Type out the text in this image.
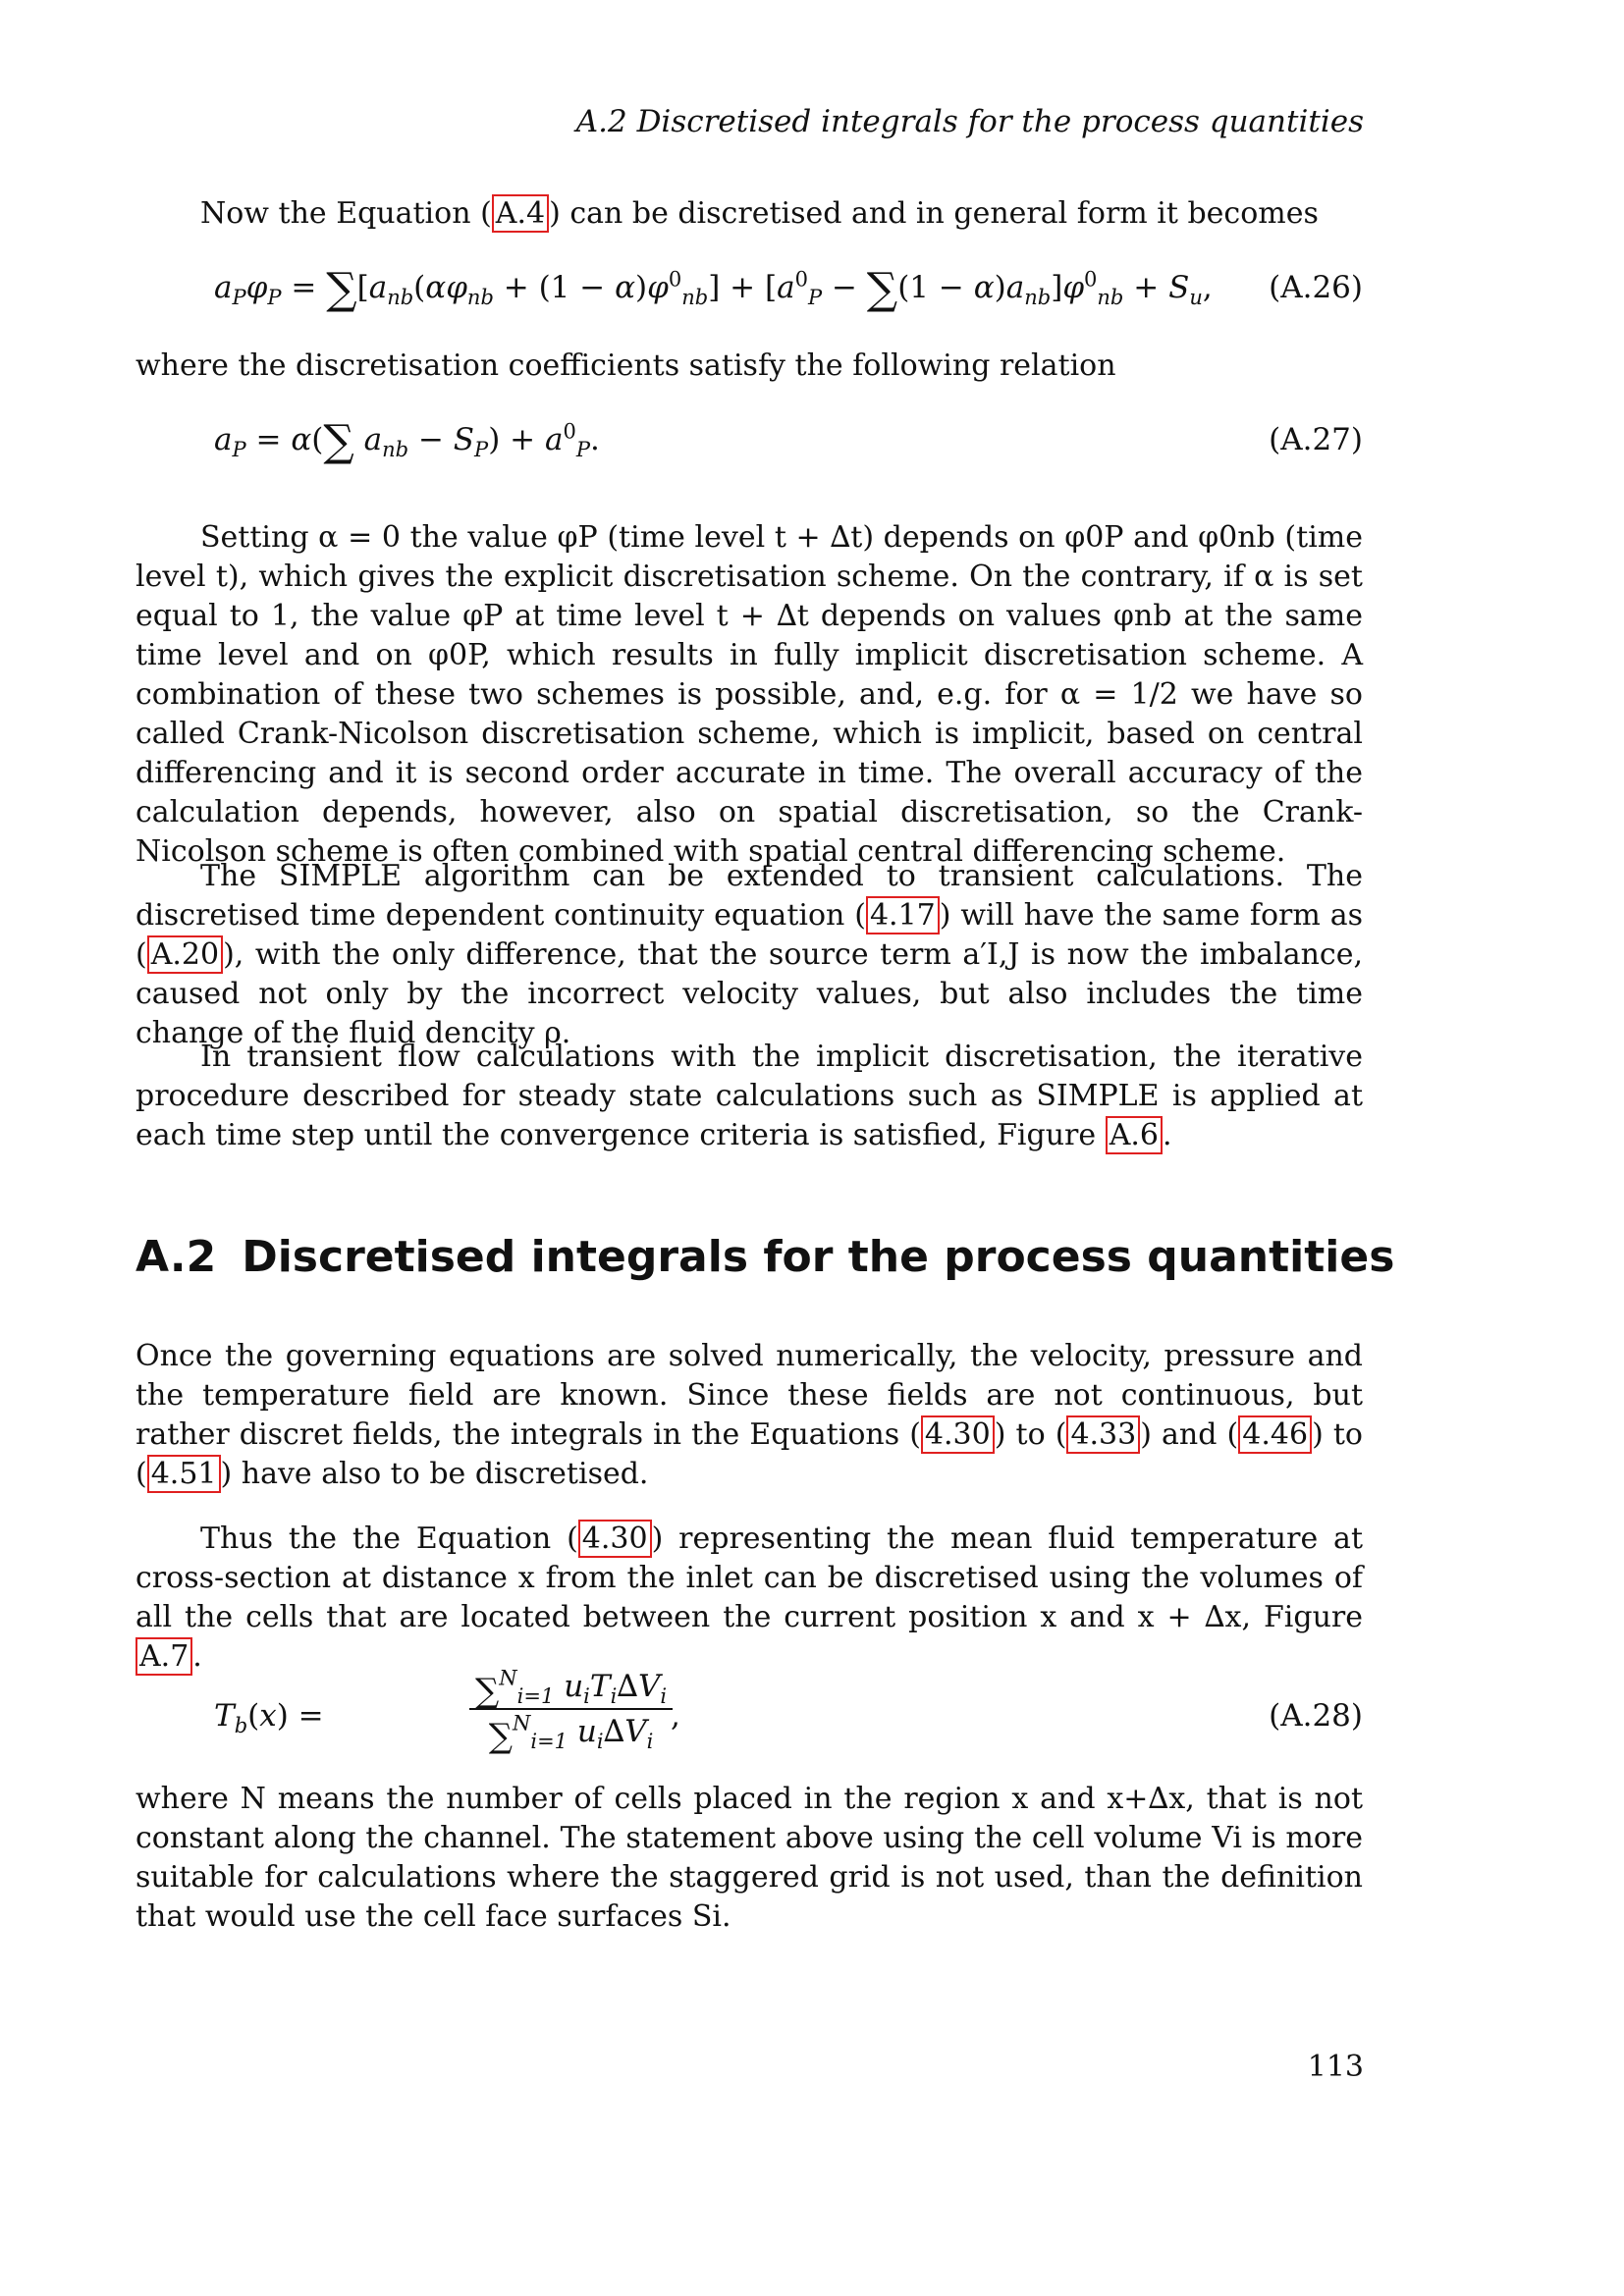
A.2 Discretised integrals for the process quantities
Now the Equation ( A.4 ) can be discretised and in general form it becomes
$a_P\varphi_P = \sum[a_{nb}(\alpha\varphi_{nb} + (1 - \alpha)\varphi^0_{nb}] + [a^0_P - \sum(1 - \alpha)a_{nb}]\varphi^0_{nb} + S_u$, (A.26)
where the discretisation coefficients satisfy the following relation
$a_P = \alpha(\sum$ $a_{nb} - S_P) + a^0_P$.	(A.27)
Setting α = 0 the value φP (time level t + ∆t) depends on φ0P and φ0nb (time level t), which gives the explicit discretisation scheme. On the contrary, if α is set equal to 1, the value φP at time level t + ∆t depends on values φnb at the same time level and on φ0P, which results in fully implicit discretisation scheme. A combination of these two schemes is possible, and, e.g. for α = 1/2 we have so called Crank-Nicolson discretisation scheme, which is implicit, based on central differencing and it is second order accurate in time. The overall accuracy of the calculation depends, however, also on spatial discretisation, so the Crank-Nicolson scheme is often combined with spatial central differencing scheme.
The SIMPLE algorithm can be extended to transient calculations. The discretised time dependent continuity equation ( 4.17 ) will have the same form as ( A.20 ), with the only difference, that the source term a′I,J is now the imbalance, caused not only by the incorrect velocity values, but also includes the time change of the fluid dencity ρ.
In transient flow calculations with the implicit discretisation, the iterative procedure described for steady state calculations such as SIMPLE is applied at each time step until the convergence criteria is satisfied, Figure A.6 .
A.2 Discretised integrals for the process quantities
Once the governing equations are solved numerically, the velocity, pressure and the temperature field are known. Since these fields are not continuous, but rather discret fields, the integrals in the Equations ( 4.30 ) to ( 4.33 ) and ( 4.46 ) to ( 4.51 ) have also to be discretised.
Thus the the Equation ( 4.30 ) representing the mean fluid temperature at cross-section at distance x from the inlet can be discretised using the volumes of all the cells that are located between the current position x and x + ∆x, Figure A.7 .
$T_b(x)$ =
∑$^N_{i=1}$ $u_iT_i\Delta V_i$
∑$^N_{i=1}$ $u_i\Delta V_i$
,	(A.28)
where N means the number of cells placed in the region x and x+∆x, that is not constant along the channel. The statement above using the cell volume Vi is more suitable for calculations where the staggered grid is not used, than the definition that would use the cell face surfaces Si.
113
